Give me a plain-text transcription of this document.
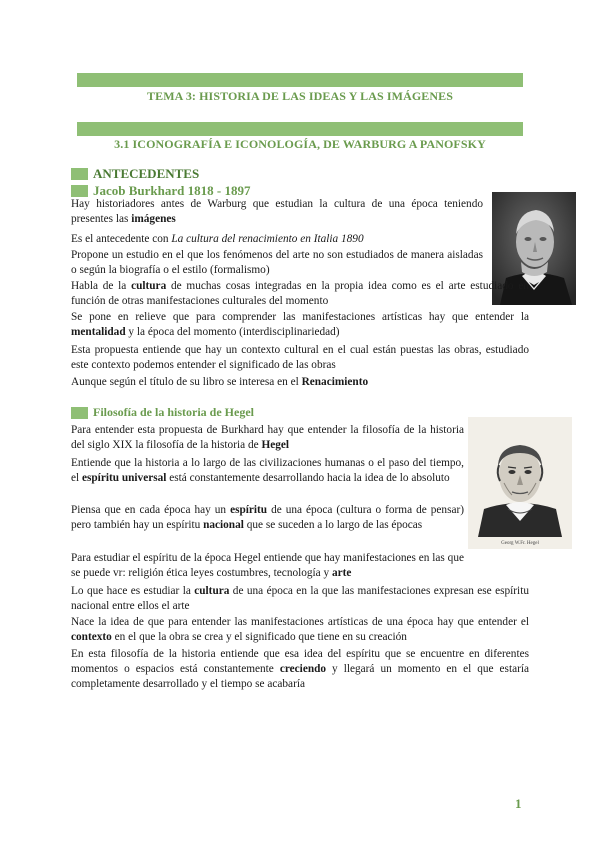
TEMA 3: HISTORIA DE LAS IDEAS Y LAS IMÁGENES
3.1 ICONOGRAFÍA E ICONOLOGÍA, DE WARBURG A PANOFSKY
ANTECEDENTES
Jacob Burkhard 1818 - 1897

Hay historiadores antes de Warburg que estudian la cultura de una época teniendo presentes las imágenes

Es el antecedente con La cultura del renacimiento en Italia 1890

Propone un estudio en el que los fenómenos del arte no son estudiados de manera aisladas o según la biografía o el estilo (formalismo)

Habla de la cultura de muchas cosas integradas en la propia idea como es el arte estudiado en función de otras manifestaciones culturales del momento

Se pone en relieve que para comprender las manifestaciones artísticas hay que entender la mentalidad y la época del momento (interdisciplinariedad)

Esta propuesta entiende que hay un contexto cultural en el cual están puestas las obras, estudiado este contexto podemos entender el significado de las obras

Aunque según el título de su libro se interesa en el Renacimiento

Filosofía de la historia de Hegel
Georg W.Fr. Hegel

Para entender esta propuesta de Burkhard hay que entender la filosofía de la historia del siglo XIX la filosofía de la historia de Hegel

Entiende que la historia a lo largo de las civilizaciones humanas o el paso del tiempo, el espíritu universal está constantemente desarrollando hacia la idea de lo absoluto

Piensa que en cada época hay un espíritu de una época (cultura o forma de pensar) pero también hay un espíritu nacional que se suceden a lo largo de las épocas

Para estudiar el espíritu de la época Hegel entiende que hay manifestaciones en las que se puede vr: religión ética leyes costumbres, tecnología y arte

Lo que hace es estudiar la cultura de una época en la que las manifestaciones expresan ese espíritu nacional entre ellos el arte

Nace la idea de que para entender las manifestaciones artísticas de una época hay que entender el contexto en el que la obra se crea y el significado que tiene en su creación

En esta filosofía de la historia entiende que esa idea del espíritu que se encuentre en diferentes momentos o espacios está constantemente creciendo y llegará un momento en el que estaría completamente desarrollado y el tiempo se acabaría

1
